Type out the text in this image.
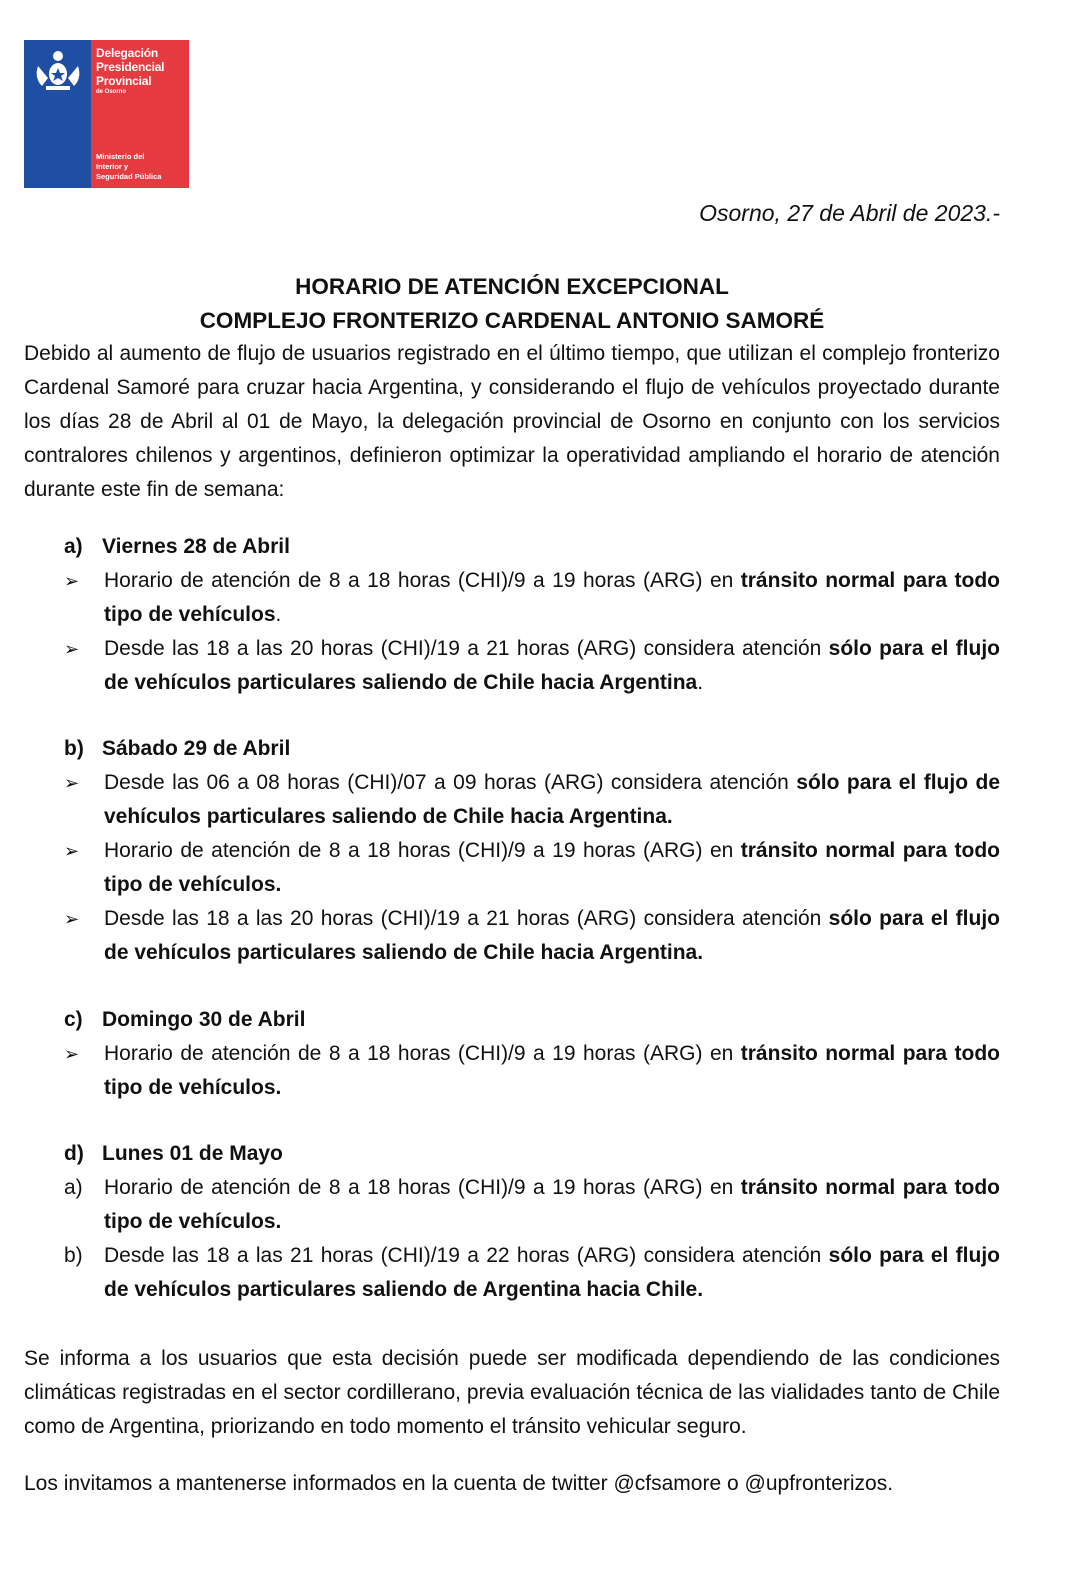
Delegación
Presidencial
Provincial
de Osorno
Ministerio del
Interior y
Seguridad Pública
Osorno, 27 de Abril de 2023.-
HORARIO DE ATENCIÓN EXCEPCIONAL
COMPLEJO FRONTERIZO CARDENAL ANTONIO SAMORÉ
Debido al aumento de flujo de usuarios registrado en el último tiempo, que utilizan el complejo fronterizo Cardenal Samoré para cruzar hacia Argentina, y considerando el flujo de vehículos proyectado durante los días 28 de Abril al 01 de Mayo, la delegación provincial de Osorno en conjunto con los servicios contralores chilenos y argentinos, definieron optimizar la operatividad ampliando el horario de atención durante este fin de semana:
a) Viernes 28 de Abril
➢	Horario de atención de 8 a 18 horas (CHI)/9 a 19 horas (ARG) en tránsito normal para todo tipo de vehículos.
➢	Desde las 18 a las 20 horas (CHI)/19 a 21 horas (ARG) considera atención sólo para el flujo de vehículos particulares saliendo de Chile hacia Argentina.
b) Sábado 29 de Abril
➢	Desde las 06 a 08 horas (CHI)/07 a 09 horas (ARG) considera atención sólo para el flujo de vehículos particulares saliendo de Chile hacia Argentina.
➢	Horario de atención de 8 a 18 horas (CHI)/9 a 19 horas (ARG) en tránsito normal para todo tipo de vehículos.
➢	Desde las 18 a las 20 horas (CHI)/19 a 21 horas (ARG) considera atención sólo para el flujo de vehículos particulares saliendo de Chile hacia Argentina.
c) Domingo 30 de Abril
➢	Horario de atención de 8 a 18 horas (CHI)/9 a 19 horas (ARG) en tránsito normal para todo tipo de vehículos.
d) Lunes 01 de Mayo
a)	Horario de atención de 8 a 18 horas (CHI)/9 a 19 horas (ARG) en tránsito normal para todo tipo de vehículos.
b)	Desde las 18 a las 21 horas (CHI)/19 a 22 horas (ARG) considera atención sólo para el flujo de vehículos particulares saliendo de Argentina hacia Chile.
Se informa a los usuarios que esta decisión puede ser modificada dependiendo de las condiciones climáticas registradas en el sector cordillerano, previa evaluación técnica de las vialidades tanto de Chile como de Argentina, priorizando en todo momento el tránsito vehicular seguro.
Los invitamos a mantenerse informados en la cuenta de twitter @cfsamore o @upfronterizos.
